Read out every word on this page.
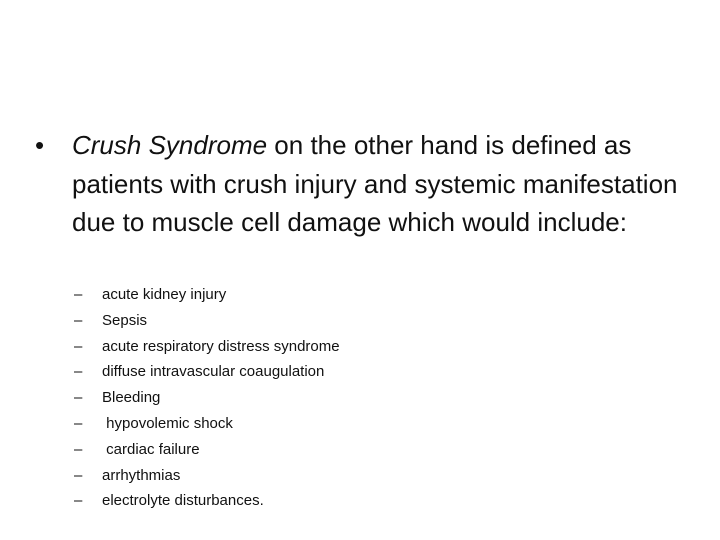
•	Crush Syndrome on the other hand is defined as patients with crush injury and systemic manifestation due to muscle cell damage which would include:
– acute kidney injury
– Sepsis
– acute respiratory distress syndrome
– diffuse intravascular coaugulation
– Bleeding
– hypovolemic shock
– cardiac failure
– arrhythmias
– electrolyte disturbances.
